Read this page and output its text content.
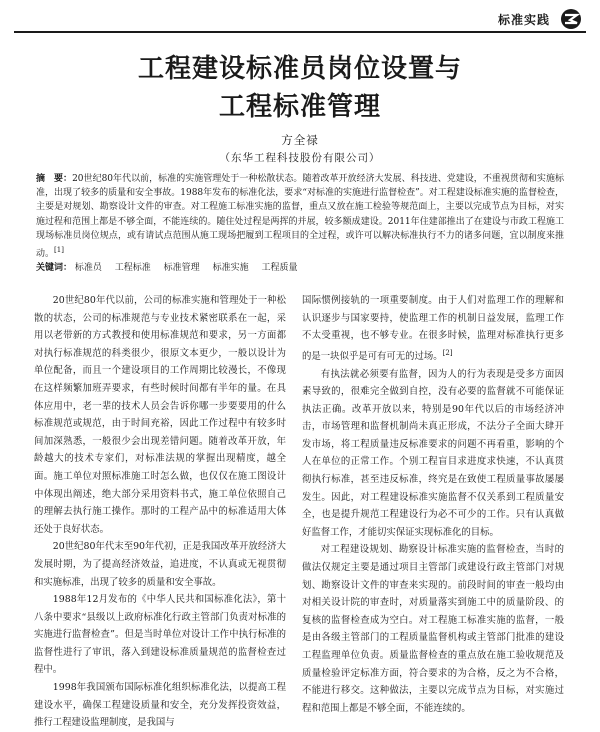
标准实践
工程建设标准员岗位设置与
工程标准管理
方全禄
（东华工程科技股份有限公司）
摘　要：20世纪80年代以前，标准的实施管理处于一种松散状态。随着改革开放经济大发展、科技进、党建设，不重视贯彻和实施标准，出现了较多的质量和安全事故。1988年发布的标准化法，要求“对标准的实施进行监督检查”。对工程建设标准实施的监督检查，主要是对规划、勘察设计文件的审查。对工程施工标准实施的监督，重点又放在施工检验等规范面上，主要以完成节点为目标，对实施过程和范围上都是不够全面，不能连续的。随住处过程是两挥的并展，较多额成建设。2011年住建部推出了在建设与市政工程施工现场标准员岗位规点，或有请试点范围从施工现场把履到工程项目的全过程，或许可以解决标准执行不力的诸多问题，宜以制度来推动。[1]
关键词： 标准员 工程标准 标准管理 标准实施 工程质量

20世纪80年代以前，公司的标准实施和管理处于一种松散的状态，公司的标准规范与专业技术紧密联系在一起，采用以老带新的方式教授和使用标准规范和要求，另一方面都对执行标准规范的科类很少，很原文本更少，一般以设计为单位配备，而且一个建设项目的工作周期比较漫长，不像现在这样频繁加班弄要求，有些时候时间都有半年的量。在具体应用中，老一辈的技术人员会告诉你哪一步要要用的什么标准规范或规范，由于时间充裕，因此工作过程中有较多时间加深熟悉，一般很少会出现差错问题。随着改革开放，年龄越大的技术专家们，对标准法规的掌握出现精度，越全面。施工单位对照标准施工时怎么做，也仅仅在施工图设计中体现出阐述，绝大部分采用资料书式，施工单位依照自己的理解去执行施工操作。那时的工程产品中的标准适用大体还处于良好状态。

20世纪80年代末至90年代初，正是我国改革开放经济大发展时期，为了提高经济效益，追进度，不认真或无视贯彻和实施标准，出现了较多的质量和安全事故。

1988年12月发布的《中华人民共和国标准化法》，第十八条中要求“县级以上政府标准化行政主管部门负责对标准的实施进行监督检查”。但是当时单位对设计工作中执行标准的监督性进行了审讯，落入到建设标准质量规范的监督检查过程中。

1998年我国颁布国际标准化组织标准化法，以提高工程建设水平，确保工程建设质量和安全，充分发挥投资效益，推行工程建设监理制度，是我国与

国际惯例接轨的一项重要制度。由于人们对监理工作的理解和认识逐步与国家要持，使监理工作的机制日益发展，监理工作不太受重视，也不够专业。在很多时候，监理对标准执行更多的是一块似乎是可有可无的过场。[2]

有执法就必须要有监督，因为人的行为表现是受多方面因素导致的，很难完全做到自控，没有必要的监督就不可能保证执法正确。改革开放以来，特别是90年代以后的市场经济冲击，市场管理和监督机制尚未真正形成，不法分子全面大肆开发市场，将工程质量违反标准要求的问题不再看重，影响的个人在单位的正常工作。个别工程盲目求进度求快速，不认真贯彻执行标准，甚至违反标准，终究是在致使工程质量事故屡屡发生。因此，对工程建设标准实施监督不仅关系到工程质量安全，也是提升规范工程建设行为必不可少的工作。只有认真做好监督工作，才能切实保证实现标准化的目标。

对工程建设规划、勘察设计标准实施的监督检查，当时的做法仅规定主要是通过项目主管部门或建设行政主管部门对规划、勘察设计文件的审查来实现的。前段时间的审查一般均由对相关设计院的审查时，对质量落实到施工中的质量阶段、的复核的监督检查成为空白。对工程施工标准实施的监督，一般是由各级主管部门的工程质量监督机构或主管部门批准的建设工程监理单位负责。质量监督检查的重点放在施工验收规范及质量检验评定标准方面，符合要求的为合格，反之为不合格，不能进行移交。这种做法，主要以完成节点为目标，对实施过程和范围上都是不够全面，不能连续的。
